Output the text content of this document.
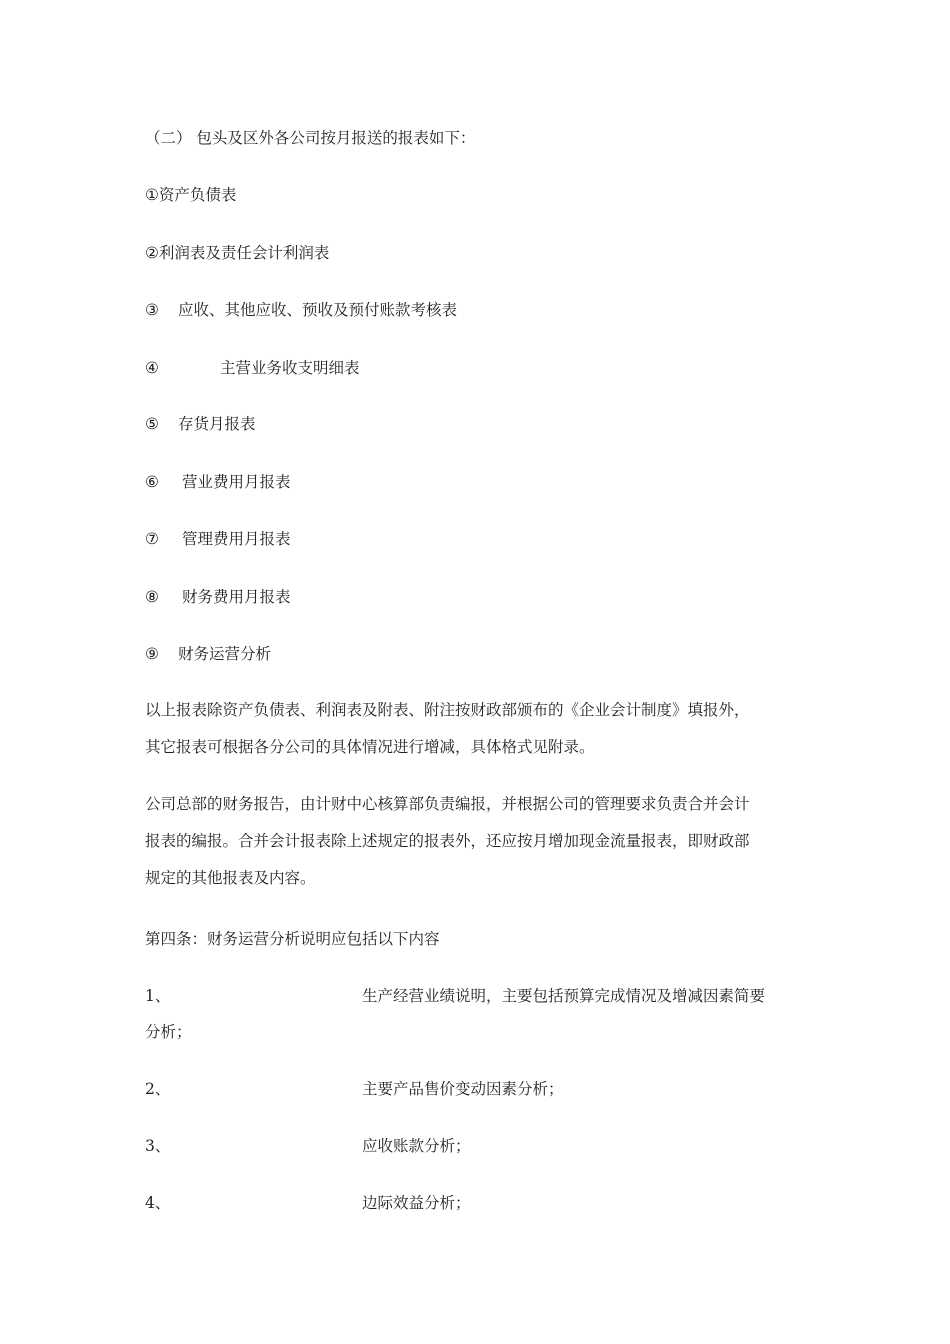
（二） 包头及区外各公司按月报送的报表如下：
①资产负债表
②利润表及责任会计利润表
③ 应收、其他应收、预收及预付账款考核表
④	主营业务收支明细表
⑤ 存货月报表
⑥ 营业费用月报表
⑦ 管理费用月报表
⑧ 财务费用月报表
⑨ 财务运营分析
以上报表除资产负债表、利润表及附表、附注按财政部颁布的《企业会计制度》填报外，
其它报表可根据各分公司的具体情况进行增减，具体格式见附录。
公司总部的财务报告，由计财中心核算部负责编报，并根据公司的管理要求负责合并会计
报表的编报。合并会计报表除上述规定的报表外，还应按月增加现金流量报表，即财政部
规定的其他报表及内容。
第四条：财务运营分析说明应包括以下内容
1、	生产经营业绩说明，主要包括预算完成情况及增减因素简要
分析；
2、	主要产品售价变动因素分析；
3、	应收账款分析；
4、	边际效益分析；
